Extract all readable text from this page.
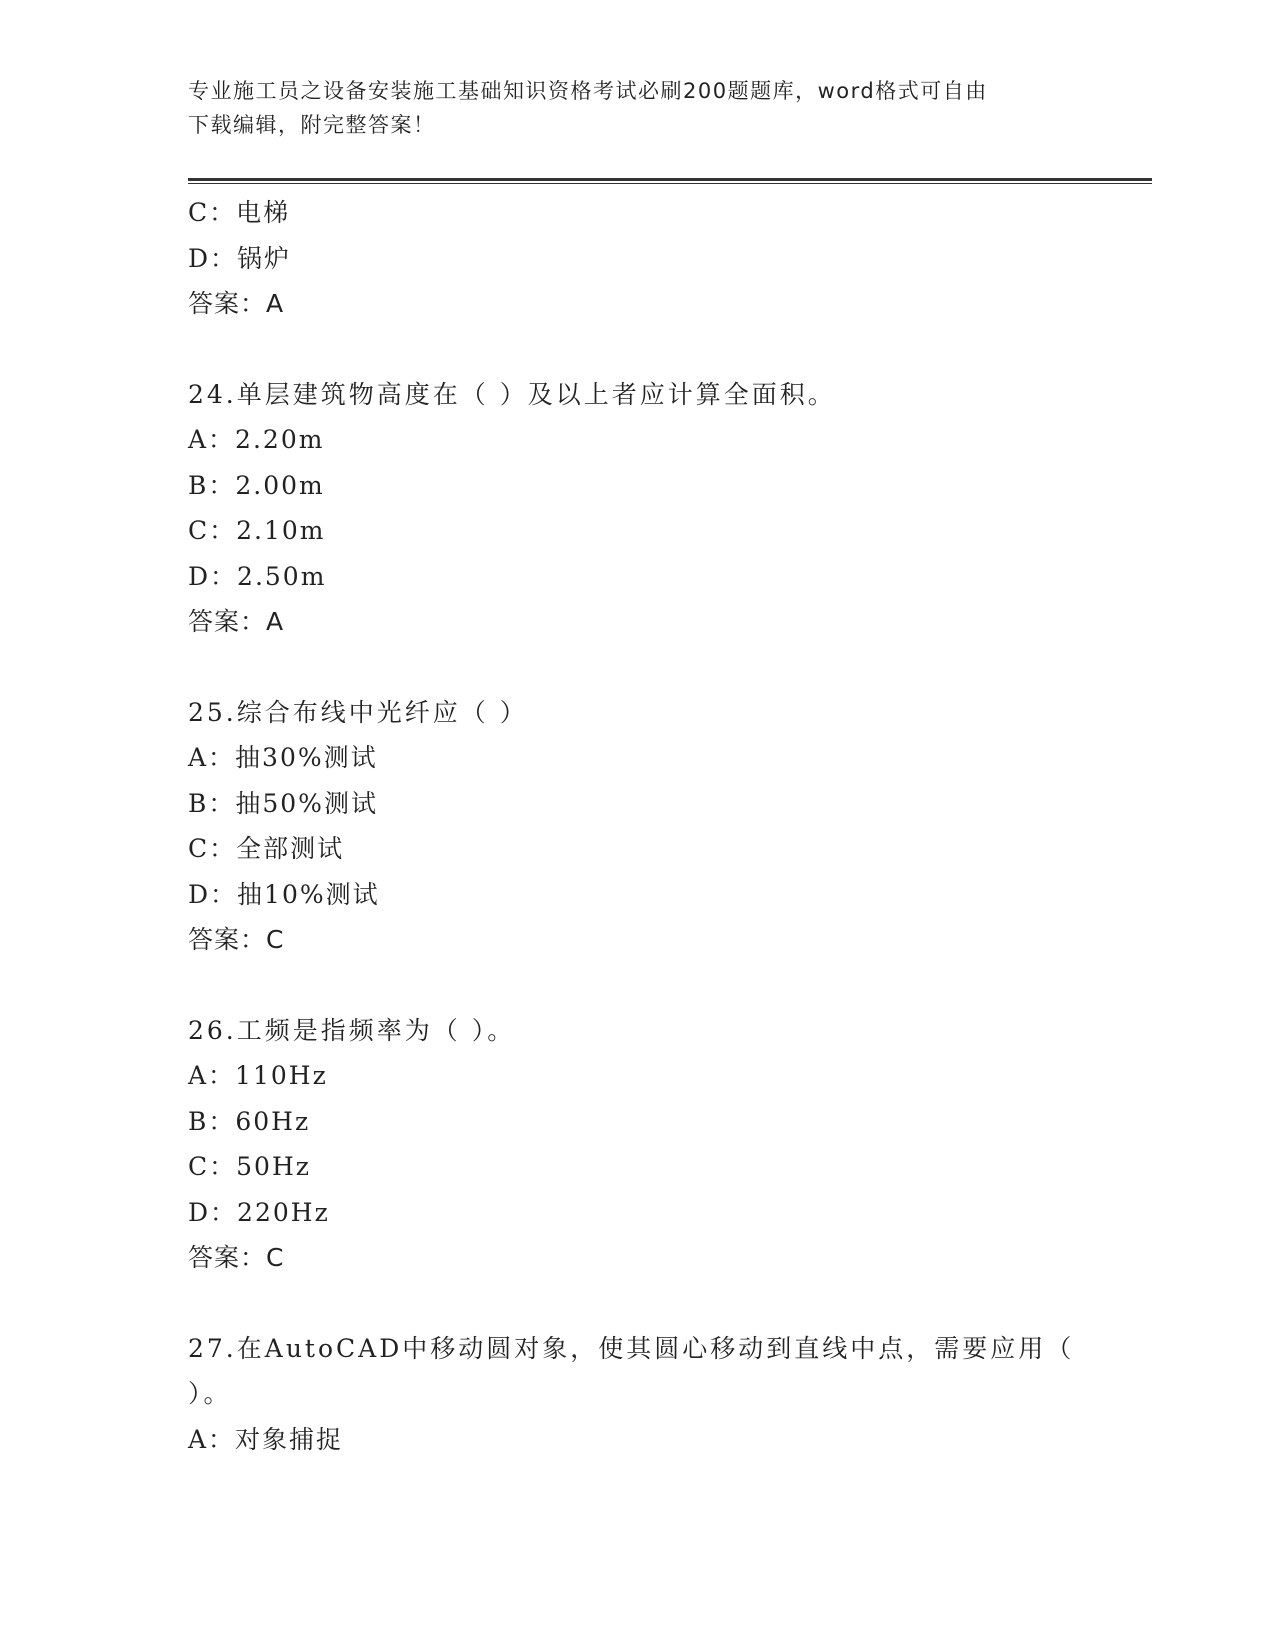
专业施工员之设备安装施工基础知识资格考试必刷200题题库，word格式可自由
下载编辑，附完整答案！
C：电梯
D：锅炉
答案：A
24.单层建筑物高度在（ ）及以上者应计算全面积。
A：2.20m
B：2.00m
C：2.10m
D：2.50m
答案：A
25.综合布线中光纤应（ ）
A：抽30%测试
B：抽50%测试
C：全部测试
D：抽10%测试
答案：C
26.工频是指频率为（ ）。
A：110Hz
B：60Hz
C：50Hz
D：220Hz
答案：C
27.在AutoCAD中移动圆对象，使其圆心移动到直线中点，需要应用（
）。
A：对象捕捉
